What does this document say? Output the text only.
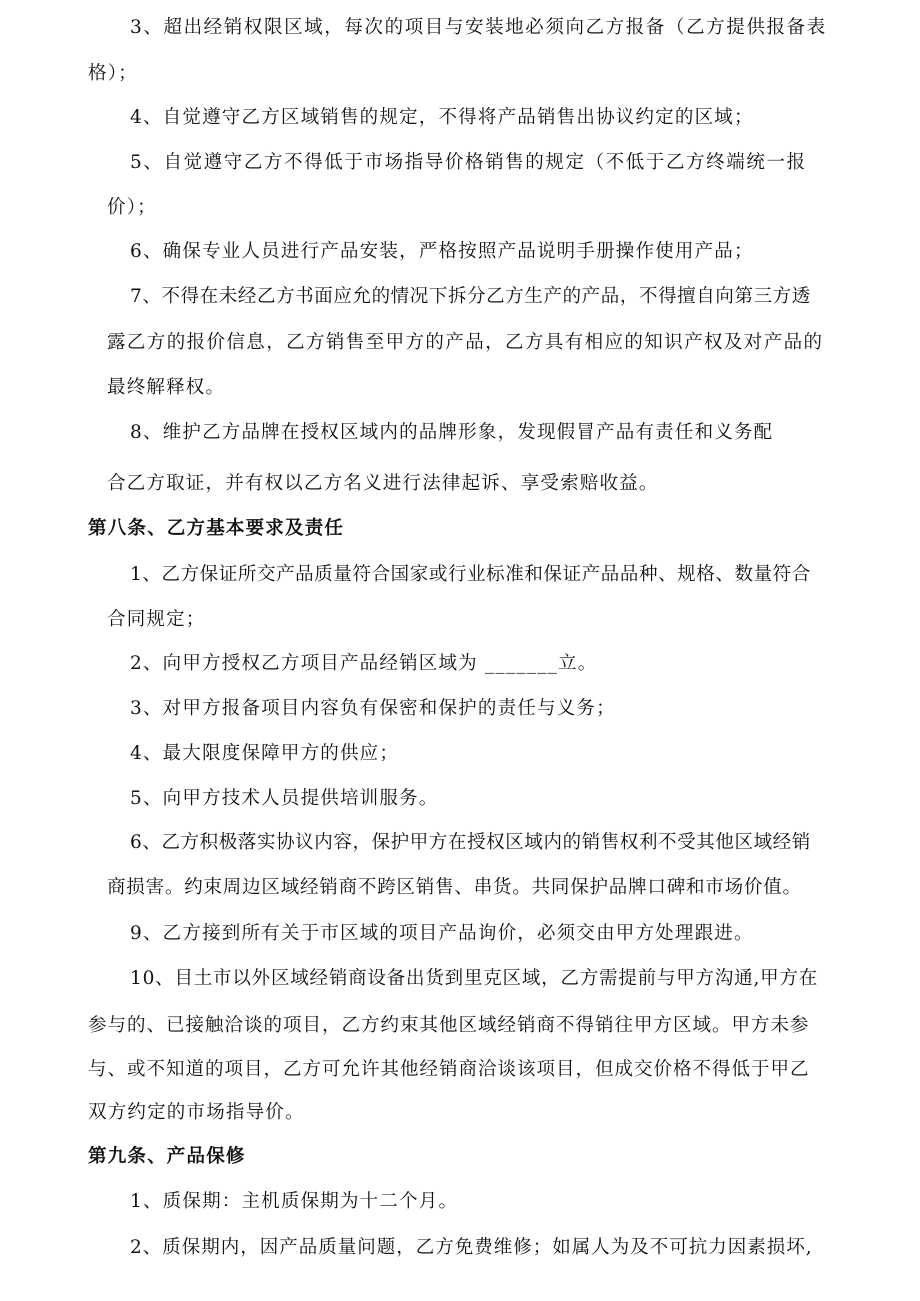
3、超出经销权限区域，每次的项目与安装地必须向乙方报备（乙方提供报备表
格）；
4、自觉遵守乙方区域销售的规定，不得将产品销售出协议约定的区域；
5、自觉遵守乙方不得低于市场指导价格销售的规定（不低于乙方终端统一报
价）；
6、确保专业人员进行产品安装，严格按照产品说明手册操作使用产品；
7、不得在未经乙方书面应允的情况下拆分乙方生产的产品，不得擅自向第三方透
露乙方的报价信息，乙方销售至甲方的产品，乙方具有相应的知识产权及对产品的
最终解释权。
8、维护乙方品牌在授权区域内的品牌形象，发现假冒产品有责任和义务配
合乙方取证，并有权以乙方名义进行法律起诉、享受索赔收益。
第八条、乙方基本要求及责任
1、乙方保证所交产品质量符合国家或行业标准和保证产品品种、规格、数量符合
合同规定；
2、向甲方授权乙方项目产品经销区域为 _______立。
3、对甲方报备项目内容负有保密和保护的责任与义务；
4、最大限度保障甲方的供应；
5、向甲方技术人员提供培训服务。
6、乙方积极落实协议内容，保护甲方在授权区域内的销售权利不受其他区域经销
商损害。约束周边区域经销商不跨区销售、串货。共同保护品牌口碑和市场价值。
9、乙方接到所有关于市区域的项目产品询价，必须交由甲方处理跟进。
10、目土市以外区域经销商设备出货到里克区域，乙方需提前与甲方沟通,甲方在
参与的、已接触洽谈的项目，乙方约束其他区域经销商不得销往甲方区域。甲方未参
与、或不知道的项目，乙方可允许其他经销商洽谈该项目，但成交价格不得低于甲乙
双方约定的市场指导价。
第九条、产品保修
1、质保期：主机质保期为十二个月。
2、质保期内，因产品质量问题，乙方免费维修；如属人为及不可抗力因素损坏,
